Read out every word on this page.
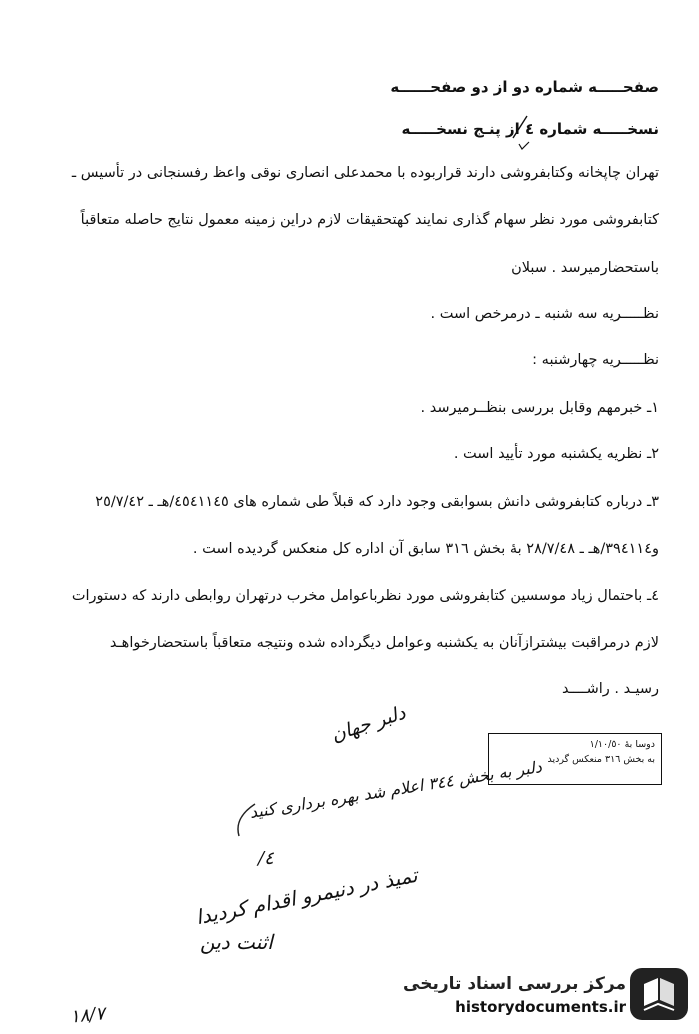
صفحـــــه شماره دو از دو صفحــــــه
نسخـــــه شماره ٤ از پنـج نسخـــــه
تهران چاپخانه وکتابفروشی دارند قراربوده با محمدعلی انصاری نوقی واعظ رفسنجانی در تأسیس ـ
کتابفروشی مورد نظر سهام گذاری نمایند کهتحقیقات لازم دراین زمینه معمول نتایج حاصله متعاقباً
باستحضارمیرسد . سبلان
نظـــــریه سه شنبه ـ درمرخص است .
نظـــــریه چهارشنبه :
١ـ خبرمهم وقابل بررسی بنظــرمیرسد .
٢ـ نظریه یکشنبه مورد تأیید است .
٣ـ درباره کتابفروشی دانش بسوابقی وجود دارد که قبلاً طی شماره های ٤٥٤١١٤٥/هـ ـ ٢٥/٧/٤٢
و٣٩٤١١٤/هـ ـ ٢٨/٧/٤٨ بهٔ بخش ٣١٦ سابق آن اداره کل منعکس گردیده است .
٤ـ باحتمال زیاد موسسین کتابفروشی مورد نظرباعوامل مخرب درتهران روابطی دارند که دستورات
لازم درمراقبت بیشترازآنان به یکشنبه وعوامل دیگرداده شده ونتیجه متعاقباً باستحضارخواهـد
رسیـد . راشــــد
دوسا بهٔ ١/١٠/٥٠
به بخش ٣١٦ منعکس گردید
دلبر جهان
دلبر به بخش ٣٤٤ اعلام شد بهره برداری کنید
٤/
تمیذ در دنیمرو اقدام کردیدا
اثنت دین
١٨/٧
مرکز بررسی اسناد تاریخی
historydocuments.ir
